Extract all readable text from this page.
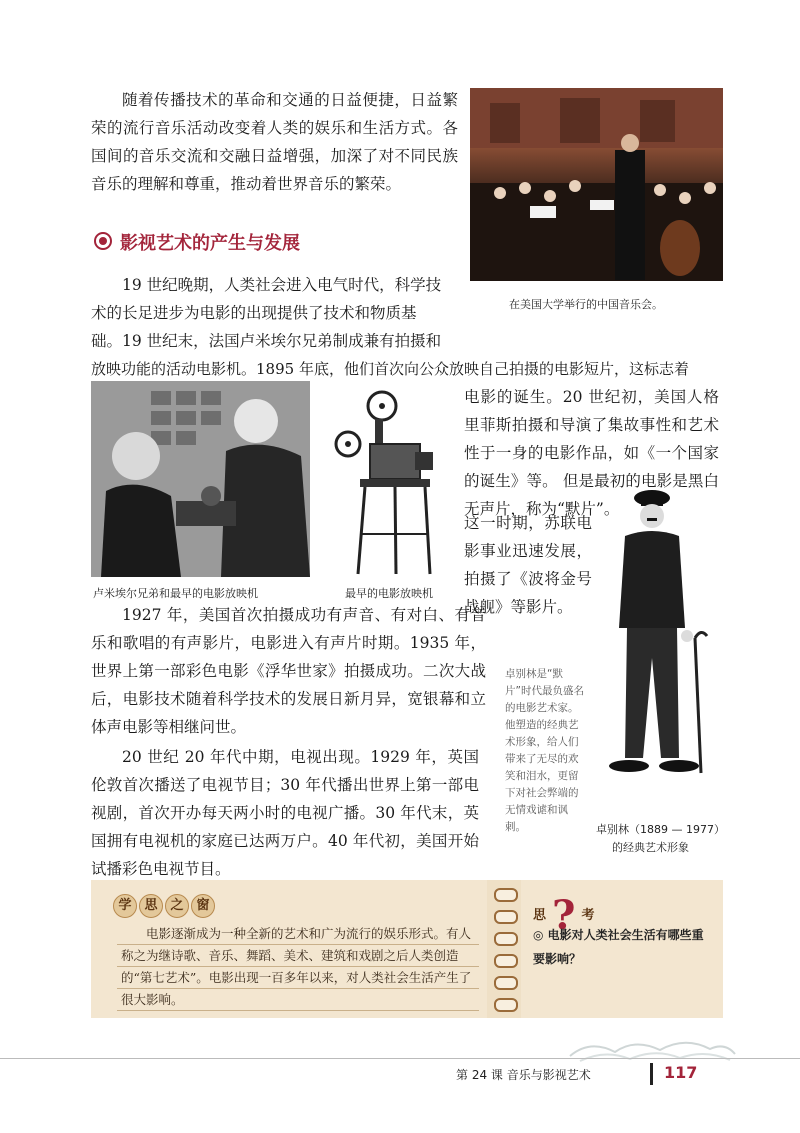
随着传播技术的革命和交通的日益便捷，日益繁荣的流行音乐活动改变着人类的娱乐和生活方式。各国间的音乐交流和交融日益增强，加深了对不同民族音乐的理解和尊重，推动着世界音乐的繁荣。

在美国大学举行的中国音乐会。
影视艺术的产生与发展

19 世纪晚期，人类社会进入电气时代，科学技

术的长足进步为电影的出现提供了技术和物质基

础。19 世纪末，法国卢米埃尔兄弟制成兼有拍摄和

放映功能的活动电影机。1895 年底，他们首次向公众放映自己拍摄的电影短片，这标志着

电影的诞生。20 世纪初，美国人格里菲斯拍摄和导演了集故事性和艺术性于一身的电影作品，如《一个国家的诞生》等。 但是最初的电影是黑白无声片，称为“默片”。

这一时期，苏联电影事业迅速发展，拍摄了《波将金号战舰》等影片。

卢米埃尔兄弟和最早的电影放映机	最早的电影放映机
卓别林（1889 — 1977）
的经典艺术形象
卓别林是“默片”时代最负盛名的电影艺术家。他塑造的经典艺术形象，给人们带来了无尽的欢笑和泪水，更留下对社会弊端的无情戏谑和讽刺。

1927 年，美国首次拍摄成功有声音、有对白、有音乐和歌唱的有声影片，电影进入有声片时期。1935 年，世界上第一部彩色电影《浮华世家》拍摄成功。二次大战后，电影技术随着科学技术的发展日新月异，宽银幕和立体声电影等相继问世。

20 世纪 20 年代中期，电视出现。1929 年，英国伦敦首次播送了电视节目；30 年代播出世界上第一部电视剧，首次开办每天两小时的电视广播。30 年代末，英国拥有电视机的家庭已达两万户。40 年代初，美国开始试播彩色电视节目。

学 思 之 窗
电影逐渐成为一种全新的艺术和广为流行的娱乐形式。有人称之为继诗歌、音乐、舞蹈、美术、建筑和戏剧之后人类创造的“第七艺术”。电影出现一百多年以来，对人类社会生活产生了很大影响。
思 ? 考
◎ 电影对人类社会生活有哪些重要影响？
第 24 课 音乐与影视艺术	117
